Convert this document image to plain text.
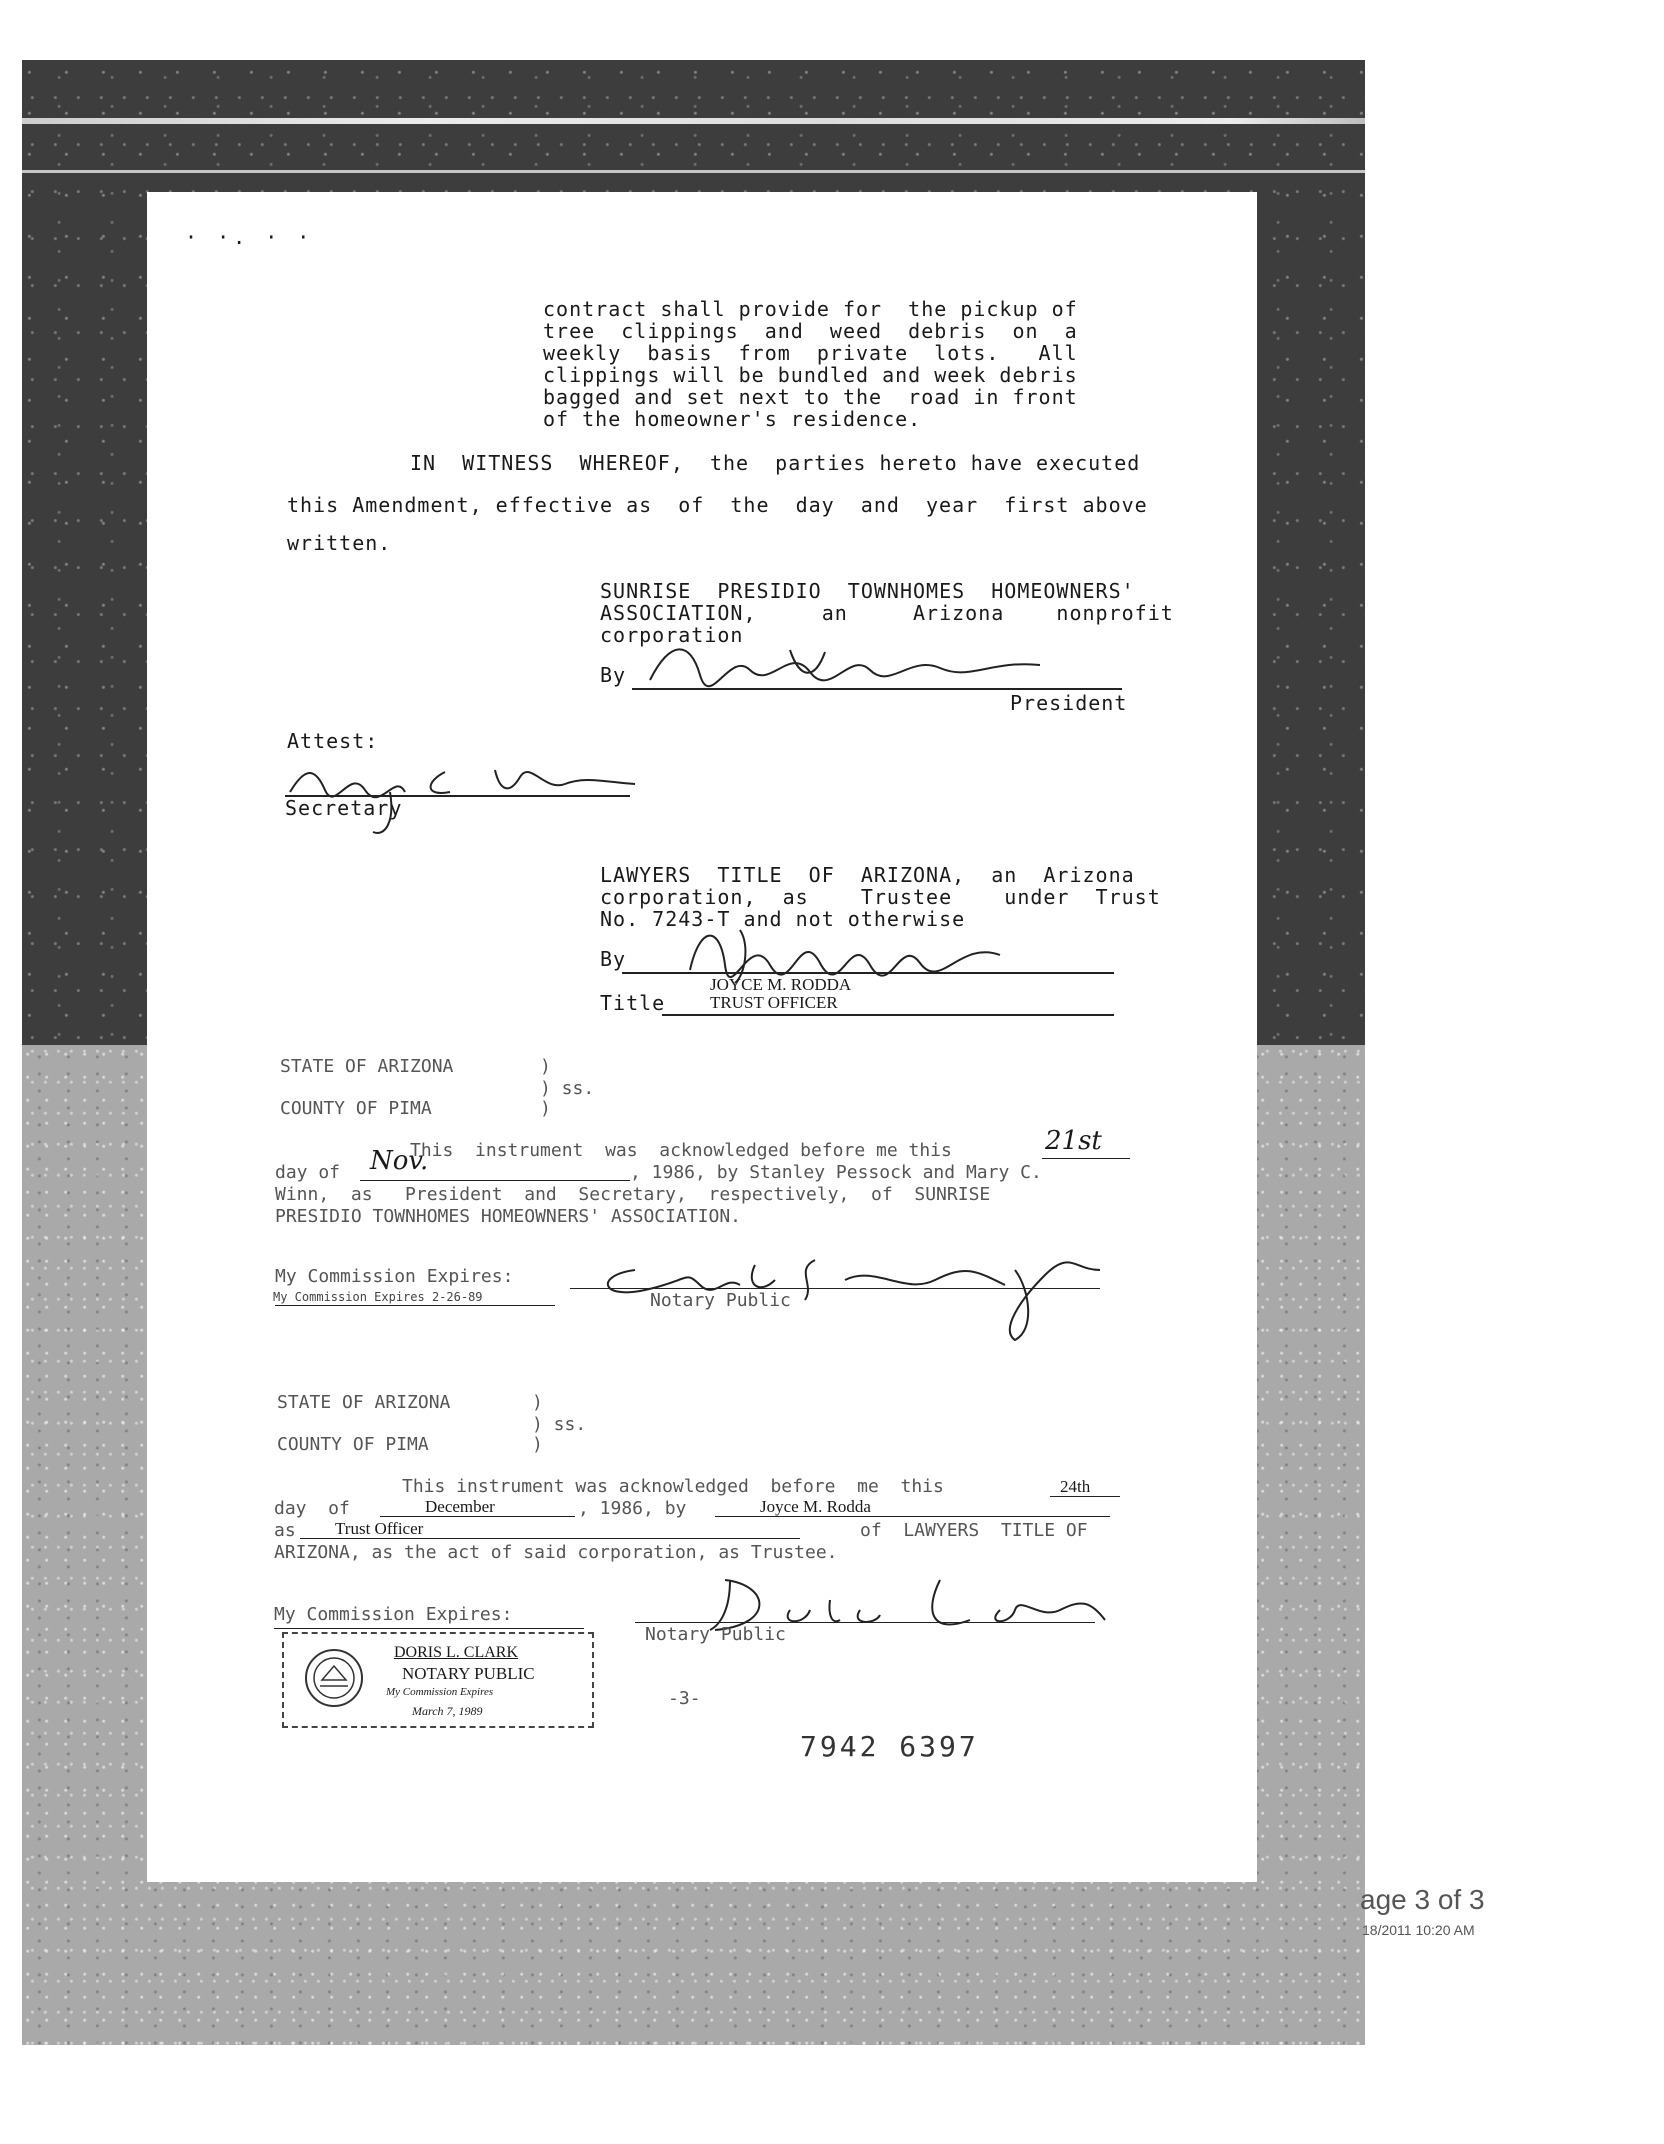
· ·. · ·
contract shall provide for  the pickup of
tree  clippings  and  weed  debris  on  a
weekly  basis  from  private  lots.   All
clippings will be bundled and week debris
bagged and set next to the  road in front
of the homeowner's residence.
IN  WITNESS  WHEREOF,  the  parties hereto have executed
this Amendment, effective as  of  the  day  and  year  first above
written.
SUNRISE  PRESIDIO  TOWNHOMES  HOMEOWNERS'
ASSOCIATION,     an     Arizona    nonprofit
corporation
By
President
Attest:
Secretary
LAWYERS  TITLE  OF  ARIZONA,  an  Arizona
corporation,  as    Trustee    under  Trust
No. 7243-T and not otherwise
By
JOYCE M. RODDA
Title	TRUST OFFICER
STATE OF ARIZONA	)
) ss.
COUNTY OF PIMA	)
This  instrument  was  acknowledged before me this	21st
day of Nov.	, 1986, by Stanley Pessock and Mary C.
Winn,  as   President  and  Secretary,  respectively,  of  SUNRISE
PRESIDIO TOWNHOMES HOMEOWNERS' ASSOCIATION.
My Commission Expires:
My Commission Expires 2-26-89	Notary Public
STATE OF ARIZONA	)
) ss.
COUNTY OF PIMA	)
This instrument was acknowledged  before  me  this	24th
day  of	December	, 1986, by	Joyce M. Rodda
as Trust Officer	of  LAWYERS  TITLE OF
ARIZONA, as the act of said corporation, as Trustee.
My Commission Expires:
Notary Public
DORIS L. CLARK
NOTARY PUBLIC
My Commission Expires
March 7, 1989
-3-
7942 6397
age 3 of 3
18/2011 10:20 AM
